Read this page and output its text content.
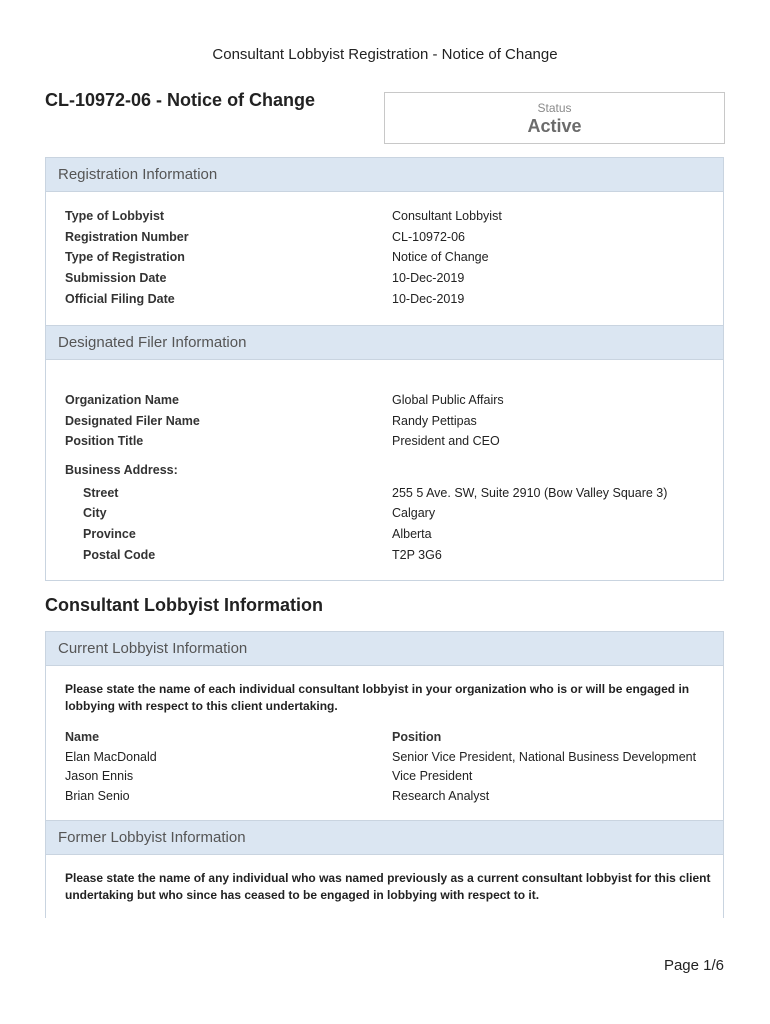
Consultant Lobbyist Registration - Notice of Change
CL-10972-06 - Notice of Change	Status
Active
Registration Information
Type of Lobbyist	Consultant Lobbyist
Registration Number	CL-10972-06
Type of Registration	Notice of Change
Submission Date	10-Dec-2019
Official Filing Date	10-Dec-2019
Designated Filer Information
Organization Name	Global Public Affairs
Designated Filer Name	Randy Pettipas
Position Title	President and CEO
Business Address:
Street	255 5 Ave. SW, Suite 2910 (Bow Valley Square 3)
City	Calgary
Province	Alberta
Postal Code	T2P 3G6
Consultant Lobbyist Information
Current Lobbyist Information
Please state the name of each individual consultant lobbyist in your organization who is or will be engaged in lobbying with respect to this client undertaking.
Name	Position
Elan MacDonald	Senior Vice President, National Business Development
Jason Ennis	Vice President
Brian Senio	Research Analyst
Former Lobbyist Information
Please state the name of any individual who was named previously as a current consultant lobbyist for this client undertaking but who since has ceased to be engaged in lobbying with respect to it.
Page 1/6
